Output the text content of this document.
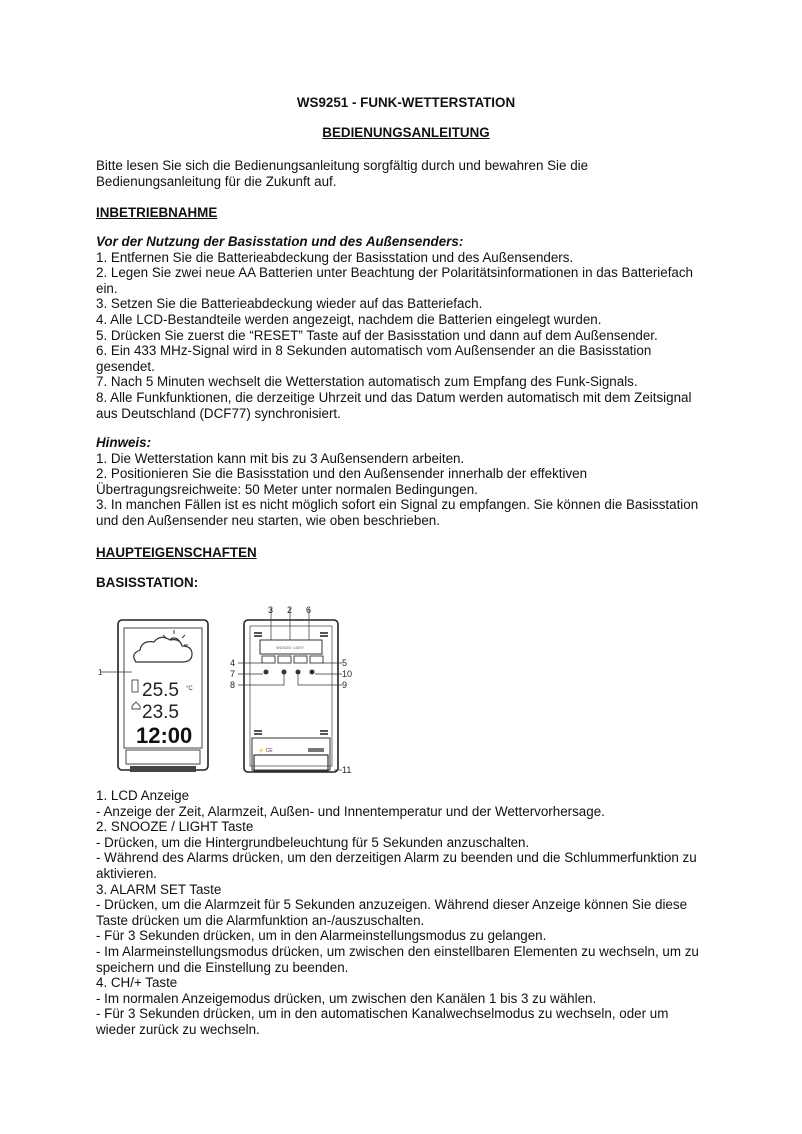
WS9251 - FUNK-WETTERSTATION
BEDIENUNGSANLEITUNG

Bitte lesen Sie sich die Bedienungsanleitung sorgfältig durch und bewahren Sie die

Bedienungsanleitung für die Zukunft auf.

INBETRIEBNAHME

Vor der Nutzung der Basisstation und des Außensenders:

1. Entfernen Sie die Batterieabdeckung der Basisstation und des Außensenders.

2. Legen Sie zwei neue AA Batterien unter Beachtung der Polaritätsinformationen in das Batteriefach

ein.

3. Setzen Sie die Batterieabdeckung wieder auf das Batteriefach.

4. Alle LCD-Bestandteile werden angezeigt, nachdem die Batterien eingelegt wurden.

5. Drücken Sie zuerst die “RESET” Taste auf der Basisstation und dann auf dem Außensender.

6. Ein 433 MHz-Signal wird in 8 Sekunden automatisch vom Außensender an die Basisstation

gesendet.

7. Nach 5 Minuten wechselt die Wetterstation automatisch zum Empfang des Funk-Signals.

8. Alle Funkfunktionen, die derzeitige Uhrzeit und das Datum werden automatisch mit dem Zeitsignal

aus Deutschland (DCF77) synchronisiert.

Hinweis:

1. Die Wetterstation kann mit bis zu 3 Außensendern arbeiten.

2. Positionieren Sie die Basisstation und den Außensender innerhalb der effektiven

Übertragungsreichweite: 50 Meter unter normalen Bedingungen.

3. In manchen Fällen ist es nicht möglich sofort ein Signal zu empfangen. Sie können die Basisstation

und den Außensender neu starten, wie oben beschrieben.

HAUPTEIGENSCHAFTEN
BASISSTATION:
1
25.5
23.5
°C
12:00
3 2 6
4	5
7	10
8	9
11
SNOOZE / LIGHT
⚡ CE

1. LCD Anzeige

- Anzeige der Zeit, Alarmzeit, Außen- und Innentemperatur und der Wettervorhersage.

2. SNOOZE / LIGHT Taste

- Drücken, um die Hintergrundbeleuchtung für 5 Sekunden anzuschalten.

- Während des Alarms drücken, um den derzeitigen Alarm zu beenden und die Schlummerfunktion zu

aktivieren.

3. ALARM SET Taste

- Drücken, um die Alarmzeit für 5 Sekunden anzuzeigen. Während dieser Anzeige können Sie diese

Taste drücken um die Alarmfunktion an-/auszuschalten.

- Für 3 Sekunden drücken, um in den Alarmeinstellungsmodus zu gelangen.

- Im Alarmeinstellungsmodus drücken, um zwischen den einstellbaren Elementen zu wechseln, um zu

speichern und die Einstellung zu beenden.

4. CH/+ Taste

- Im normalen Anzeigemodus drücken, um zwischen den Kanälen 1 bis 3 zu wählen.

- Für 3 Sekunden drücken, um in den automatischen Kanalwechselmodus zu wechseln, oder um

wieder zurück zu wechseln.
